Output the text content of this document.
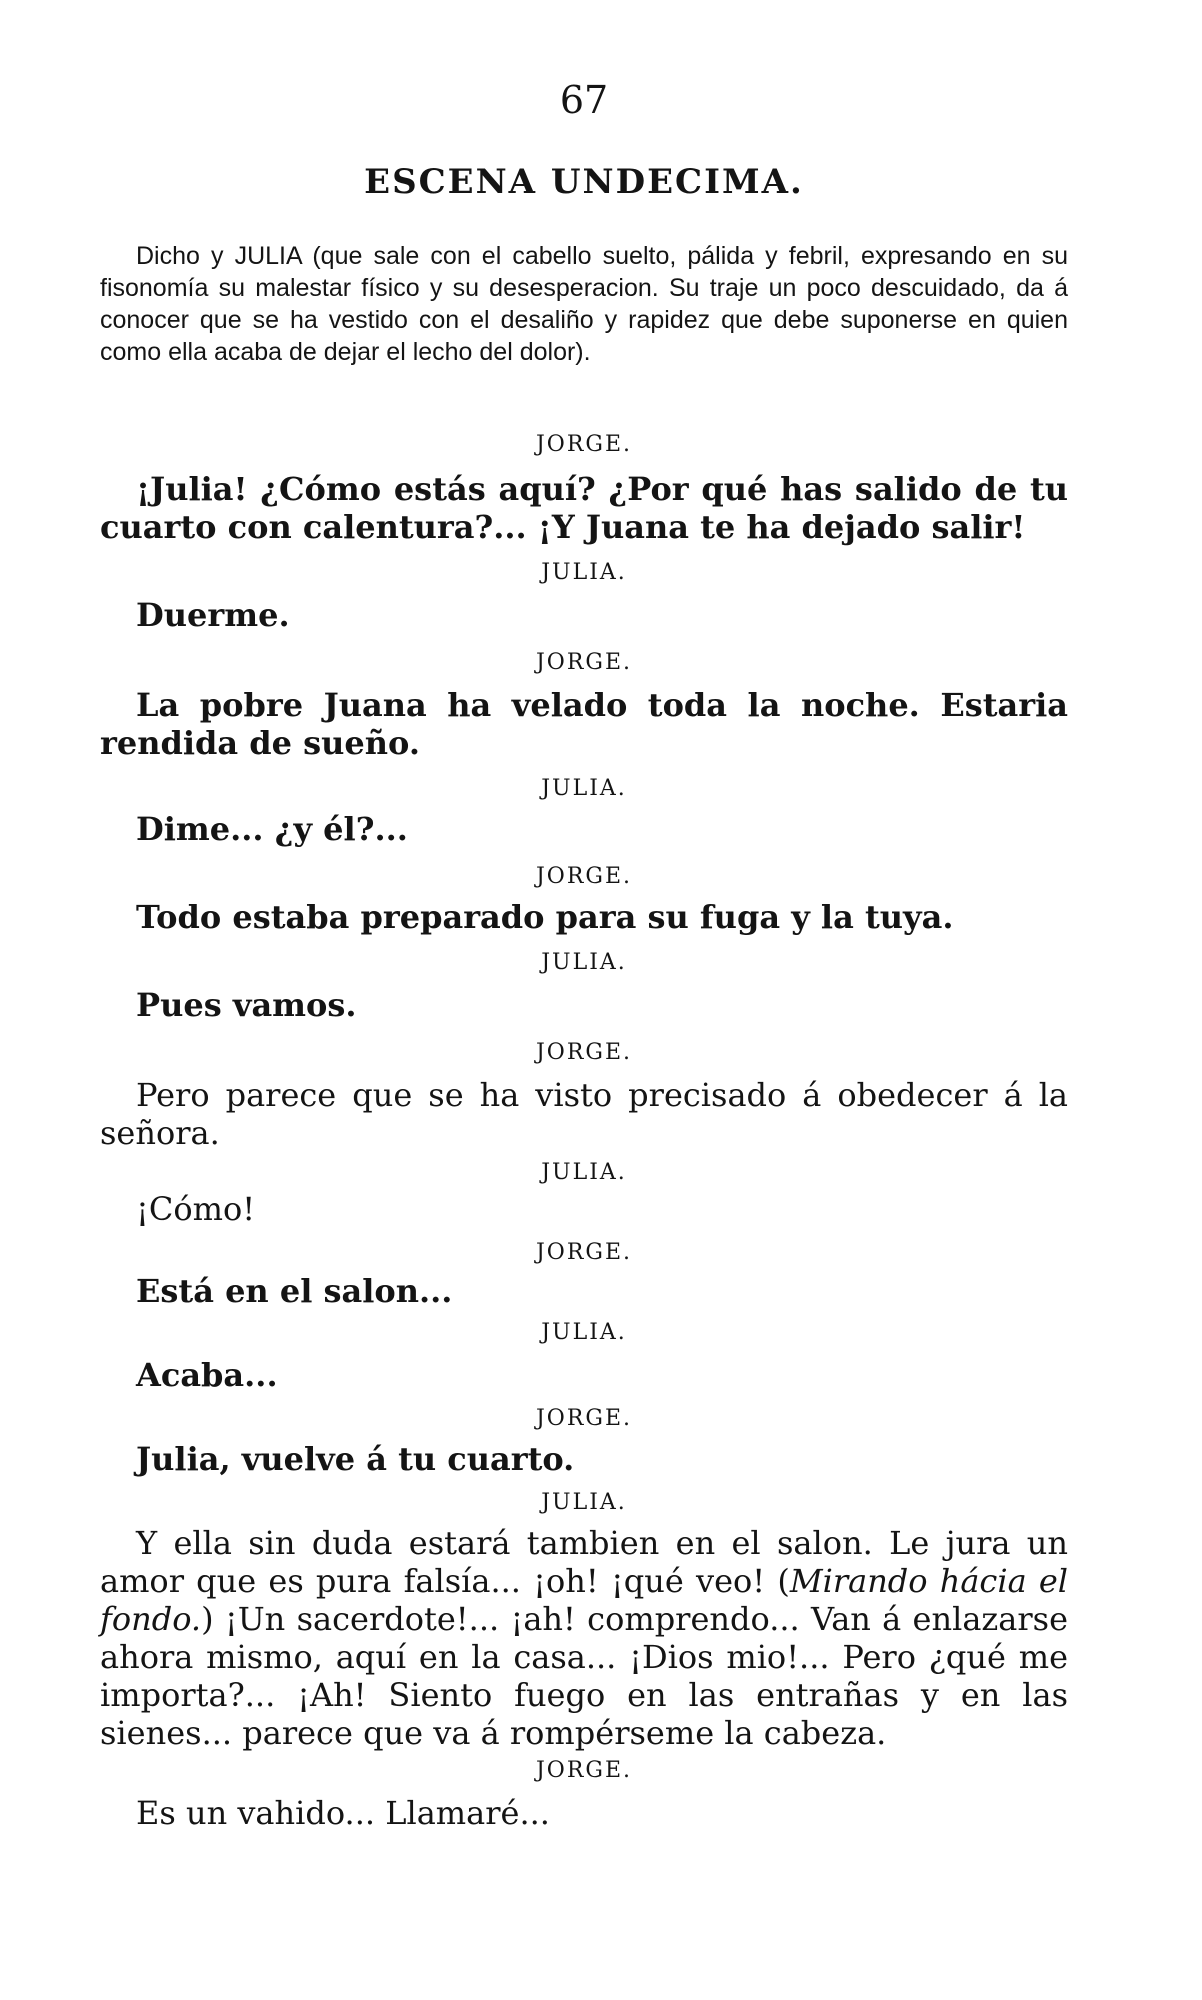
67
ESCENA UNDECIMA.
Dicho y JULIA (que sale con el cabello suelto, pálida y febril, expresando en su fisonomía su malestar físico y su desesperacion. Su traje un poco descuidado, da á conocer que se ha vestido con el desaliño y rapidez que debe suponerse en quien como ella acaba de dejar el lecho del dolor).
JORGE.
¡Julia! ¿Cómo estás aquí? ¿Por qué has salido de tu cuarto con calentura?... ¡Y Juana te ha dejado salir!
JULIA.
Duerme.
JORGE.
La pobre Juana ha velado toda la noche. Estaria rendida de sueño.
JULIA.
Dime... ¿y él?...
JORGE.
Todo estaba preparado para su fuga y la tuya.
JULIA.
Pues vamos.
JORGE.
Pero parece que se ha visto precisado á obedecer á la señora.
JULIA.
¡Cómo!
JORGE.
Está en el salon...
JULIA.
Acaba...
JORGE.
Julia, vuelve á tu cuarto.
JULIA.
Y ella sin duda estará tambien en el salon. Le jura un amor que es pura falsía... ¡oh! ¡qué veo! (Mirando hácia el fondo.) ¡Un sacerdote!... ¡ah! comprendo... Van á enlazarse ahora mismo, aquí en la casa... ¡Dios mio!... Pero ¿qué me importa?... ¡Ah! Siento fuego en las entrañas y en las sienes... parece que va á rompérseme la cabeza.
JORGE.
Es un vahido... Llamaré...
